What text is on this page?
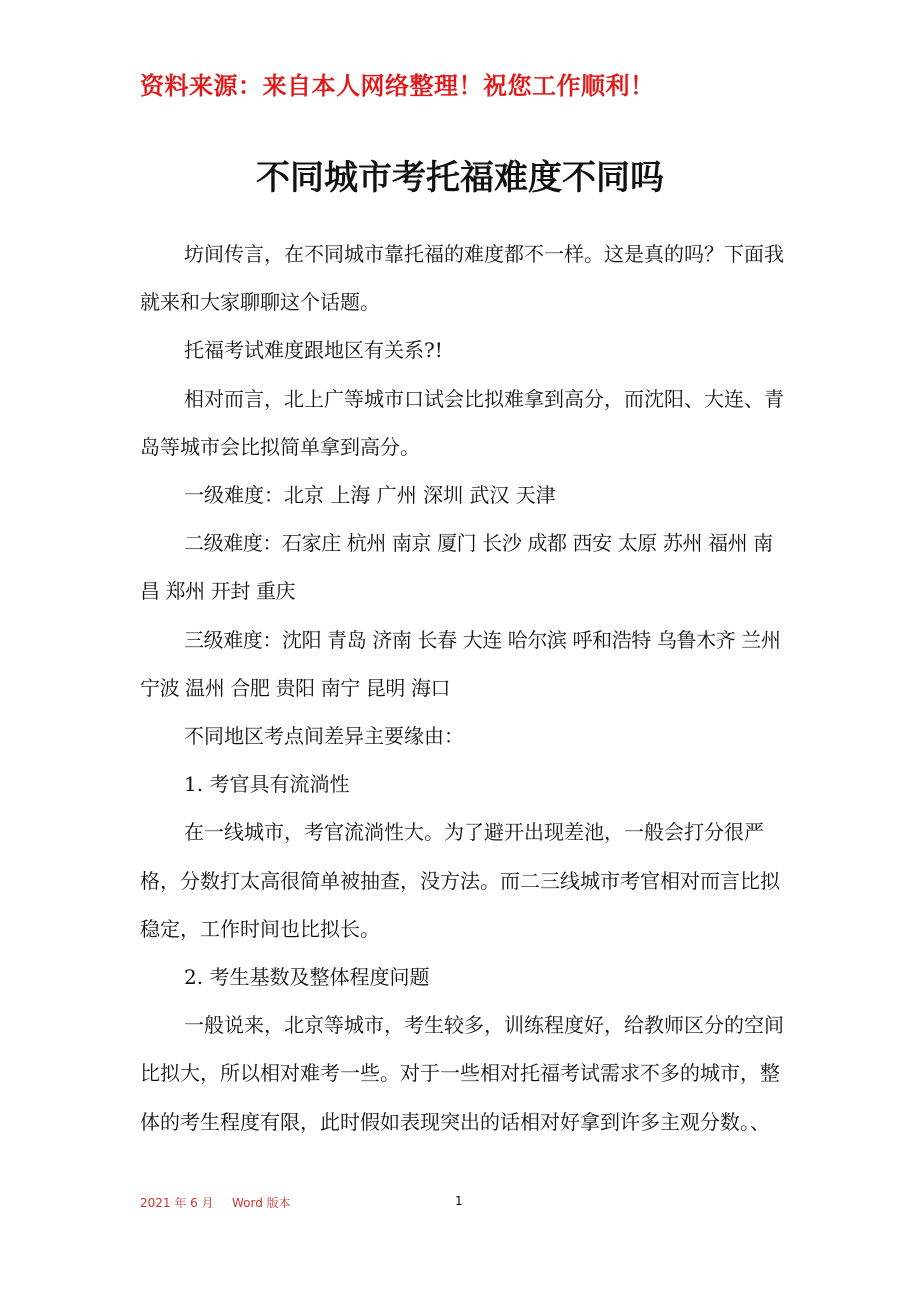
资料来源：来自本人网络整理！祝您工作顺利！
不同城市考托福难度不同吗

坊间传言，在不同城市靠托福的难度都不一样。这是真的吗？下面我就来和大家聊聊这个话题。

托福考试难度跟地区有关系?!

相对而言，北上广等城市口试会比拟难拿到高分，而沈阳、大连、青岛等城市会比拟简单拿到高分。

一级难度：北京 上海 广州 深圳 武汉 天津

二级难度：石家庄 杭州 南京 厦门 长沙 成都 西安 太原 苏州 福州 南昌 郑州 开封 重庆

三级难度：沈阳 青岛 济南 长春 大连 哈尔滨 呼和浩特 乌鲁木齐 兰州 宁波 温州 合肥 贵阳 南宁 昆明 海口

不同地区考点间差异主要缘由：

1. 考官具有流淌性

在一线城市，考官流淌性大。为了避开出现差池，一般会打分很严格，分数打太高很简单被抽查，没方法。而二三线城市考官相对而言比拟稳定，工作时间也比拟长。

2. 考生基数及整体程度问题

一般说来，北京等城市，考生较多，训练程度好，给教师区分的空间比拟大，所以相对难考一些。对于一些相对托福考试需求不多的城市，整体的考生程度有限，此时假如表现突出的话相对好拿到许多主观分数。、

2021 年 6 月 Word 版本	1
